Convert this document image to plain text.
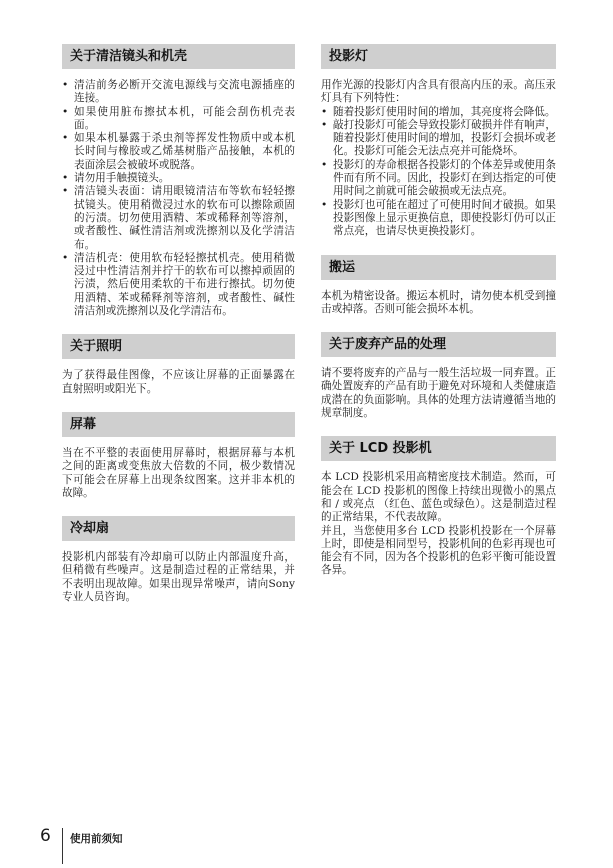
关于清洁镜头和机壳
• 清洁前务必断开交流电源线与交流电源插座的连接。
• 如果使用脏布擦拭本机，可能会刮伤机壳表面。
• 如果本机暴露于杀虫剂等挥发性物质中或本机长时间与橡胶或乙烯基树脂产品接触，本机的表面涂层会被破坏或脱落。
• 请勿用手触摸镜头。
• 清洁镜头表面：请用眼镜清洁布等软布轻轻擦拭镜头。使用稍微浸过水的软布可以擦除顽固的污渍。切勿使用酒精、苯或稀释剂等溶剂，或者酸性、碱性清洁剂或洗擦剂以及化学清洁布。
• 清洁机壳：使用软布轻轻擦拭机壳。使用稍微浸过中性清洁剂并拧干的软布可以擦掉顽固的污渍，然后使用柔软的干布进行擦拭。切勿使用酒精、苯或稀释剂等溶剂，或者酸性、碱性清洁剂或洗擦剂以及化学清洁布。
关于照明

为了获得最佳图像，不应该让屏幕的正面暴露在直射照明或阳光下。

屏幕

当在不平整的表面使用屏幕时，根据屏幕与本机之间的距离或变焦放大倍数的不同，极少数情况下可能会在屏幕上出现条纹图案。这并非本机的故障。

冷却扇

投影机内部装有冷却扇可以防止内部温度升高，但稍微有些噪声。这是制造过程的正常结果，并不表明出现故障。如果出现异常噪声，请向Sony专业人员咨询。

投影灯

用作光源的投影灯内含具有很高内压的汞。高压汞灯具有下列特性：

• 随着投影灯使用时间的增加，其亮度将会降低。
• 敲打投影灯可能会导致投影灯破损并伴有响声，随着投影灯使用时间的增加，投影灯会损坏或老化。投影灯可能会无法点亮并可能烧坏。
• 投影灯的寿命根据各投影灯的个体差异或使用条件而有所不同。因此，投影灯在到达指定的可使用时间之前就可能会破损或无法点亮。
• 投影灯也可能在超过了可使用时间才破损。如果投影图像上显示更换信息，即使投影灯仍可以正常点亮，也请尽快更换投影灯。
搬运

本机为精密设备。搬运本机时，请勿使本机受到撞击或掉落。否则可能会损坏本机。

关于废弃产品的处理

请不要将废弃的产品与一般生活垃圾一同弃置。正确处置废弃的产品有助于避免对环境和人类健康造成潜在的负面影响。具体的处理方法请遵循当地的规章制度。

关于 LCD 投影机

本 LCD 投影机采用高精密度技术制造。然而，可能会在 LCD 投影机的图像上持续出现微小的黑点和 / 或亮点 （红色、蓝色或绿色）。这是制造过程的正常结果，不代表故障。

并且，当您使用多台 LCD 投影机投影在一个屏幕上时，即使是相同型号，投影机间的色彩再现也可能会有不同，因为各个投影机的色彩平衡可能设置各异。

6 使用前须知
